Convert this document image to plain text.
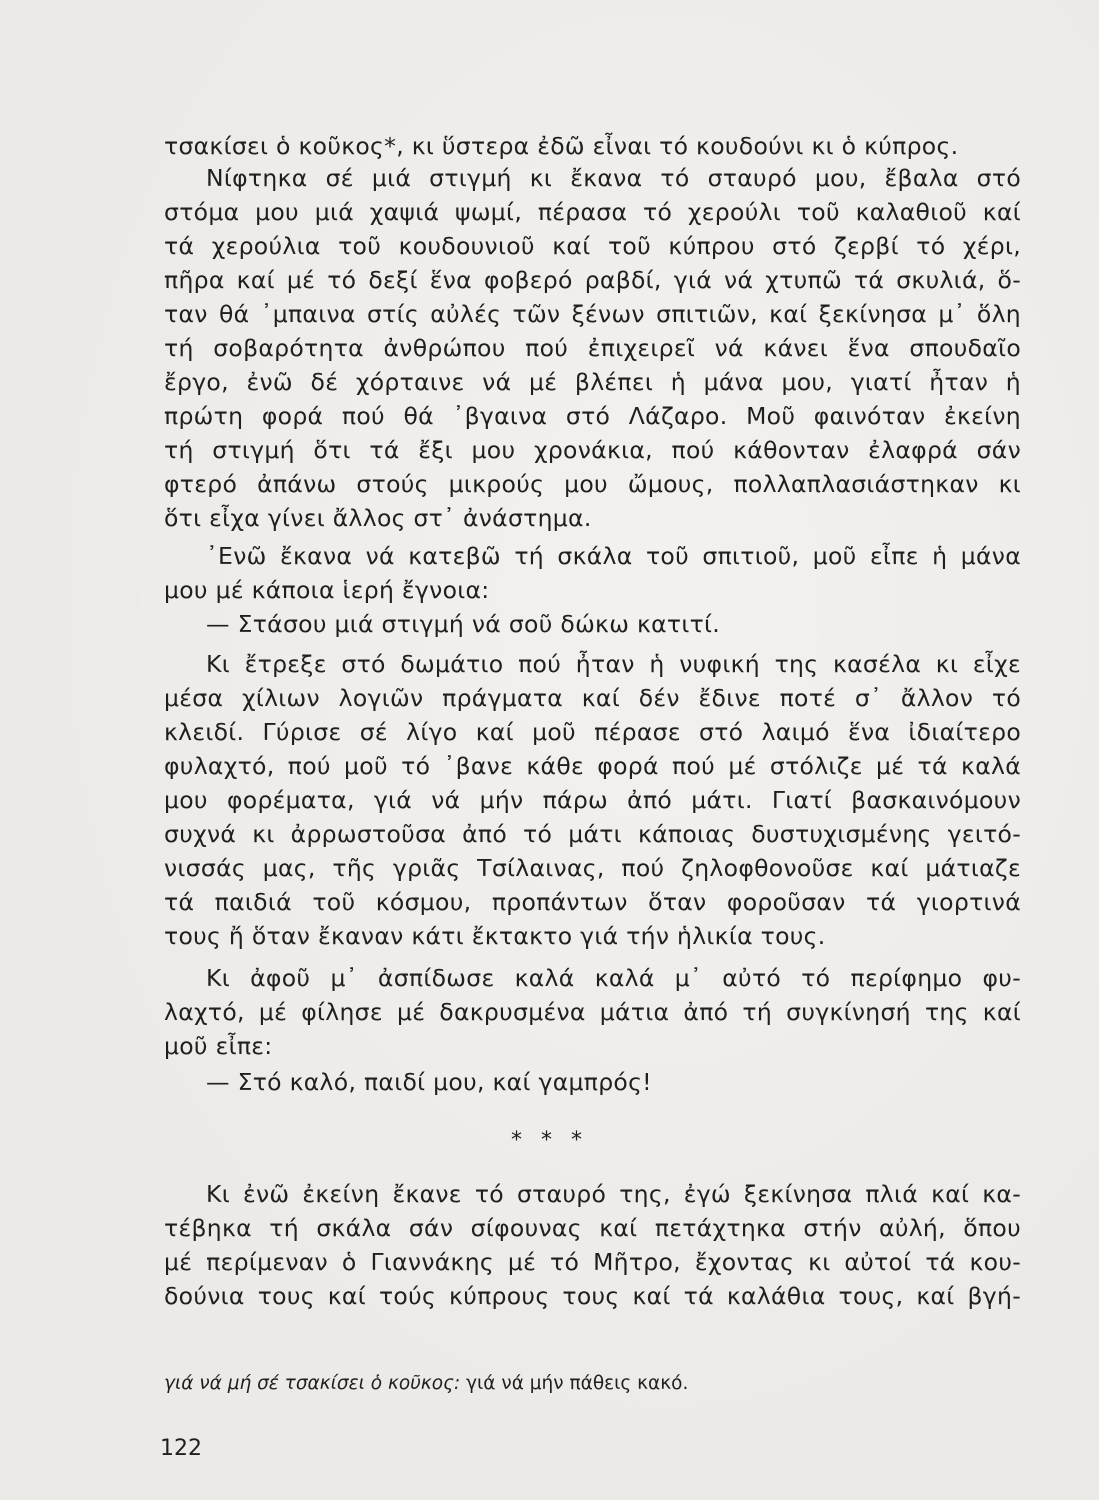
τσακίσει ὁ κοῦκος*, κι ὕστερα ἐδῶ εἶναι τό κουδούνι κι ὁ κύπρος.
Νίφτηκα σέ μιά στιγμή κι ἔκανα τό σταυρό μου, ἔβαλα στό
στόμα μου μιά χαψιά ψωμί, πέρασα τό χερούλι τοῦ καλαθιοῦ καί
τά χερούλια τοῦ κουδουνιοῦ καί τοῦ κύπρου στό ζερβί τό χέρι,
πῆρα καί μέ τό δεξί ἕνα φοβερό ραβδί, γιά νά χτυπῶ τά σκυλιά, ὅ-
ταν θά ᾽μπαινα στίς αὐλές τῶν ξένων σπιτιῶν, καί ξεκίνησα μ᾽ ὅλη
τή σοβαρότητα ἀνθρώπου πού ἐπιχειρεῖ νά κάνει ἕνα σπουδαῖο
ἔργο, ἐνῶ δέ χόρταινε νά μέ βλέπει ἡ μάνα μου, γιατί ἦταν ἡ
πρώτη φορά πού θά ᾽βγαινα στό Λάζαρο. Μοῦ φαινόταν ἐκείνη
τή στιγμή ὅτι τά ἔξι μου χρονάκια, πού κάθονταν ἐλαφρά σάν
φτερό ἀπάνω στούς μικρούς μου ὤμους, πολλαπλασιάστηκαν κι
ὅτι εἶχα γίνει ἄλλος στ᾽ ἀνάστημα.
᾽Ενῶ ἔκανα νά κατεβῶ τή σκάλα τοῦ σπιτιοῦ, μοῦ εἶπε ἡ μάνα
μου μέ κάποια ἱερή ἔγνοια:
— Στάσου μιά στιγμή νά σοῦ δώκω κατιτί.
Κι ἔτρεξε στό δωμάτιο πού ἦταν ἡ νυφική της κασέλα κι εἶχε
μέσα χίλιων λογιῶν πράγματα καί δέν ἔδινε ποτέ σ᾽ ἄλλον τό
κλειδί. Γύρισε σέ λίγο καί μοῦ πέρασε στό λαιμό ἕνα ἰδιαίτερο
φυλαχτό, πού μοῦ τό ᾽βανε κάθε φορά πού μέ στόλιζε μέ τά καλά
μου φορέματα, γιά νά μήν πάρω ἀπό μάτι. Γιατί βασκαινόμουν
συχνά κι ἀρρωστοῦσα ἀπό τό μάτι κάποιας δυστυχισμένης γειτό-
νισσάς μας, τῆς γριᾶς Τσίλαινας, πού ζηλοφθονοῦσε καί μάτιαζε
τά παιδιά τοῦ κόσμου, προπάντων ὅταν φοροῦσαν τά γιορτινά
τους ἤ ὅταν ἔκαναν κάτι ἔκτακτο γιά τήν ἡλικία τους.
Κι ἀφοῦ μ᾽ ἀσπίδωσε καλά καλά μ᾽ αὐτό τό περίφημο φυ-
λαχτό, μέ φίλησε μέ δακρυσμένα μάτια ἀπό τή συγκίνησή της καί
μοῦ εἶπε:
— Στό καλό, παιδί μου, καί γαμπρός!
* * *
Κι ἐνῶ ἐκείνη ἔκανε τό σταυρό της, ἐγώ ξεκίνησα πλιά καί κα-
τέβηκα τή σκάλα σάν σίφουνας καί πετάχτηκα στήν αὐλή, ὅπου
μέ περίμεναν ὁ Γιαννάκης μέ τό Μῆτρο, ἔχοντας κι αὐτοί τά κου-
δούνια τους καί τούς κύπρους τους καί τά καλάθια τους, καί βγή-
γιά νά μή σέ τσακίσει ὁ κοῦκος: γιά νά μήν πάθεις κακό.
122
